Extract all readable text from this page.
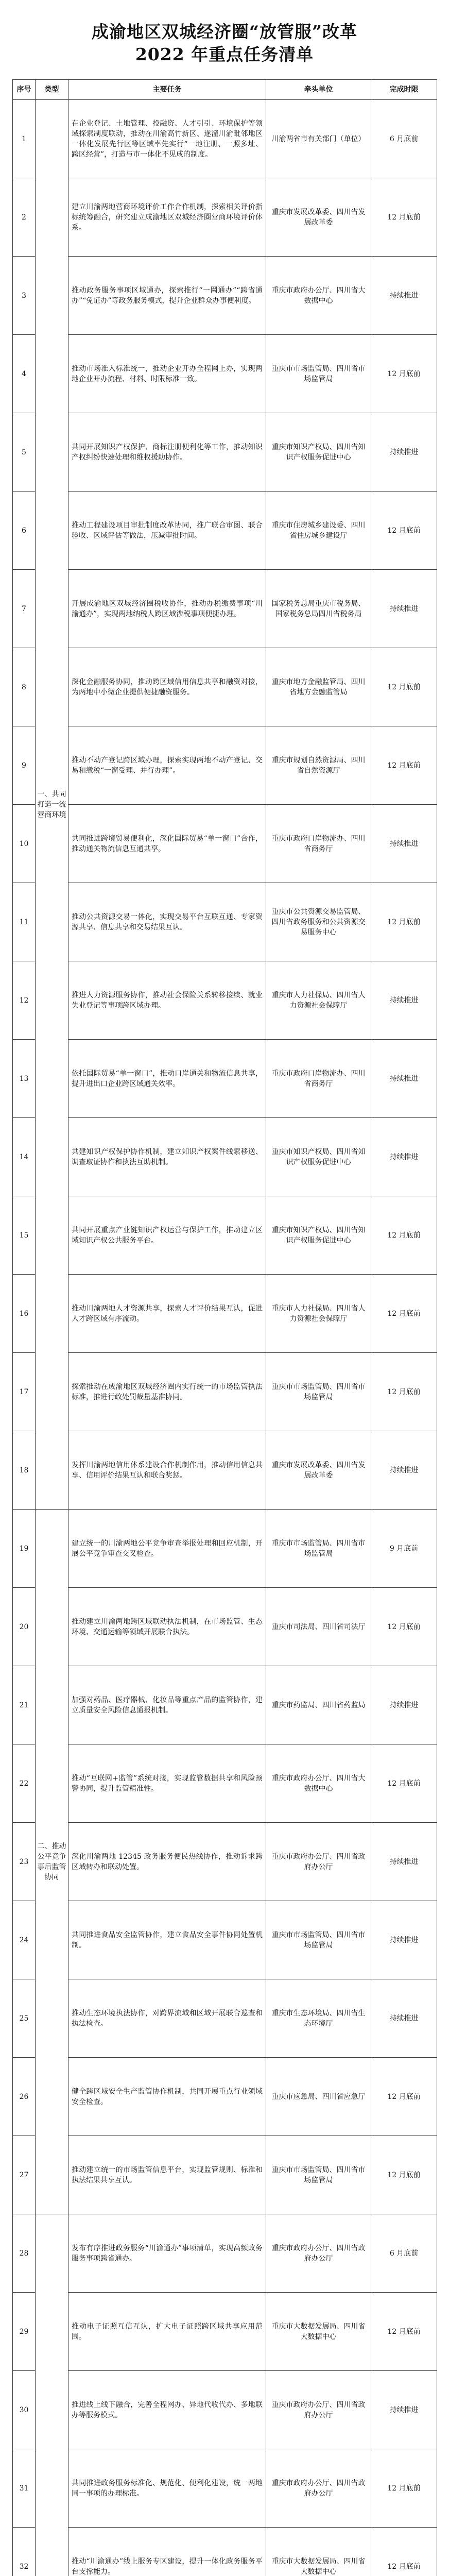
成渝地区双城经济圈“放管服”改革
2022 年重点任务清单
序号	类型	主要任务	牵头单位	完成时限
1	一、共同打造一流营商环境	在企业登记、土地管理、投融资、人才引引、环境保护等领域探索制度联动，推动在川渝高竹新区、遂潼川渝毗邻地区一体化发展先行区等区域率先实行“一地注册、一照多址、跨区经营”，打造与市一体化不见成的制度。	川渝两省市有关部门（单位）	6 月底前
2		建立川渝两地营商环境评价工作合作机制，探索相关评价指标统筹融合，研究建立成渝地区双城经济圈营商环境评价体系。	重庆市发展改革委、四川省发展改革委	12 月底前
3		推动政务服务事项区域通办，探索推行“一网通办”“跨省通办”“免证办”等政务服务模式，提升企业群众办事便利度。	重庆市政府办公厅、四川省大数据中心	持续推进
4		推动市场准入标准统一，推动企业开办全程网上办，实现两地企业开办流程、材料、时限标准一致。	重庆市市场监管局、四川省市场监管局	12 月底前
5		共同开展知识产权保护、商标注册便利化等工作，推动知识产权纠纷快速处理和维权援助协作。	重庆市知识产权局、四川省知识产权服务促进中心	持续推进
6		推动工程建设项目审批制度改革协同，推广联合审图、联合验收、区域评估等做法，压减审批时间。	重庆市住房城乡建设委、四川省住房城乡建设厅	12 月底前
7		开展成渝地区双城经济圈税收协作，推动办税缴费事项“川渝通办”，实现两地纳税人跨区域涉税事项便捷办理。	国家税务总局重庆市税务局、国家税务总局四川省税务局	持续推进
8		深化金融服务协同，推动跨区域信用信息共享和融资对接，为两地中小微企业提供便捷融资服务。	重庆市地方金融监管局、四川省地方金融监管局	12 月底前
9		推动不动产登记跨区域办理，探索实现两地不动产登记、交易和缴税“一窗受理、并行办理”。	重庆市规划自然资源局、四川省自然资源厅	12 月底前
10		共同推进跨境贸易便利化，深化国际贸易“单一窗口”合作，推动通关物流信息互通共享。	重庆市政府口岸物流办、四川省商务厅	持续推进
11		推动公共资源交易一体化，实现交易平台互联互通、专家资源共享、信息共享和交易结果互认。	重庆市公共资源交易监管局、四川省政务服务和公共资源交易服务中心	12 月底前
12		推进人力资源服务协作，推动社会保险关系转移接续、就业失业登记等事项跨区域办理。	重庆市人力社保局、四川省人力资源社会保障厅	持续推进
13		依托国际贸易“单一窗口”，推动口岸通关和物流信息共享，提升进出口企业跨区域通关效率。	重庆市政府口岸物流办、四川省商务厅	持续推进
14		共建知识产权保护协作机制，建立知识产权案件线索移送、调查取证协作和执法互助机制。	重庆市知识产权局、四川省知识产权服务促进中心	持续推进
15		共同开展重点产业链知识产权运营与保护工作，推动建立区域知识产权公共服务平台。	重庆市知识产权局、四川省知识产权服务促进中心	12 月底前
16		推动川渝两地人才资源共享，探索人才评价结果互认，促进人才跨区域有序流动。	重庆市人力社保局、四川省人力资源社会保障厅	12 月底前
17		探索推动在成渝地区双城经济圈内实行统一的市场监管执法标准，推进行政处罚裁量基准协同。	重庆市市场监管局、四川省市场监管局	12 月底前
18		发挥川渝两地信用体系建设合作机制作用，推动信用信息共享、信用评价结果互认和联合奖惩。	重庆市发展改革委、四川省发展改革委	持续推进
19	二、推动公平竞争事后监管协同	建立统一的川渝两地公平竞争审查举报处理和回应机制，开展公平竞争审查交叉检查。	重庆市市场监管局、四川省市场监管局	9 月底前
20		推动建立川渝两地跨区域联动执法机制，在市场监管、生态环境、交通运输等领域开展联合执法。	重庆市司法局、四川省司法厅	12 月底前
21		加强对药品、医疗器械、化妆品等重点产品的监管协作，建立质量安全风险信息通报机制。	重庆市药监局、四川省药监局	持续推进
22		推动“互联网+监管”系统对接，实现监管数据共享和风险预警协同，提升监管精准性。	重庆市政府办公厅、四川省大数据中心	12 月底前
23		深化川渝两地 12345 政务服务便民热线协作，推动诉求跨区域转办和联动处置。	重庆市政府办公厅、四川省政府办公厅	持续推进
24		共同推进食品安全监管协作，建立食品安全事件协同处置机制。	重庆市市场监管局、四川省市场监管局	持续推进
25		推动生态环境执法协作，对跨界流域和区域开展联合巡查和执法检查。	重庆市生态环境局、四川省生态环境厅	持续推进
26		健全跨区域安全生产监管协作机制，共同开展重点行业领域安全检查。	重庆市应急局、四川省应急厅	12 月底前
27		推动建立统一的市场监管信息平台，实现监管规则、标准和执法结果共享互认。	重庆市市场监管局、四川省市场监管局	12 月底前
28		发布有序推进政务服务“川渝通办”事项清单，实现高频政务服务事项跨省通办。	重庆市政府办公厅、四川省政府办公厅	6 月底前
29		推动电子证照互信互认，扩大电子证照跨区域共享应用范围。	重庆市大数据发展局、四川省大数据中心	12 月底前
30		推进线上线下融合，完善全程网办、异地代收代办、多地联办等服务模式。	重庆市政府办公厅、四川省政府办公厅	持续推进
31		共同推进政务服务标准化、规范化、便利化建设，统一两地同一事项的办理标准。	重庆市政府办公厅、四川省政府办公厅	12 月底前
32		推动“川渝通办”线上服务专区建设，提升一体化政务服务平台支撑能力。	重庆市大数据发展局、四川省大数据中心	12 月底前
